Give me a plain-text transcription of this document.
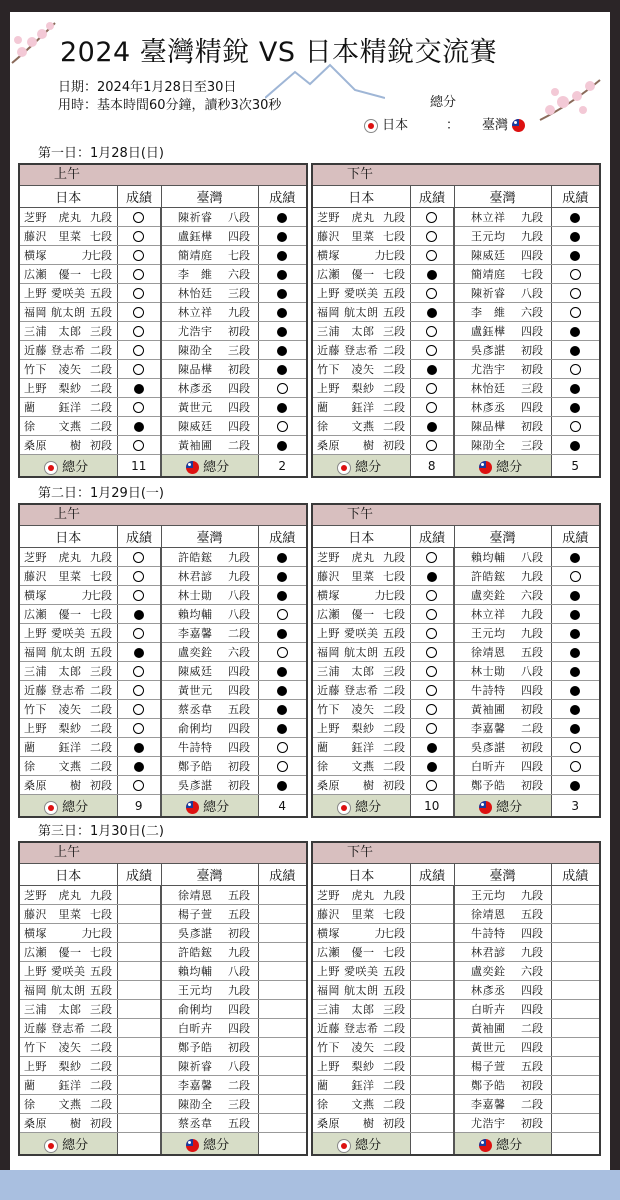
2024 臺灣精銳 VS 日本精銳交流賽
日期：2024年1月28日至30日
用時：基本時間60分鐘，讀秒3次30秒	總分
日本	： 臺灣
第一日：1月28日(日)
上午
日本	成績	臺灣	成績
芝野　虎丸 九段		陳祈睿 八段	
藤沢　里菜 七段		盧鈺樺 四段	
横塚　　　力七段		簡靖庭 七段	
広瀬　優一 七段		李　維 六段	
上野 愛咲美 五段		林怡廷 三段	
福岡 航太朗 五段		林立祥 九段	
三浦　太郎 三段		尤浩宇 初段	
近藤 登志希 二段		陳劭全 三段	
竹下　凌矢 二段		陳品樺 初段	
上野　梨紗 二段		林彥丞 四段	
藺　　鈺洋 二段		黃世元 四段	
徐　　文燕 二段		陳威廷 四段	
桑原　　樹 初段		黃袖圃 二段	
總分	11	總分	2
下午
日本	成績	臺灣	成績
芝野　虎丸 九段		林立祥 九段	
藤沢　里菜 七段		王元均 九段	
横塚　　　力七段		陳威廷 四段	
広瀬　優一 七段		簡靖庭 七段	
上野 愛咲美 五段		陳祈睿 八段	
福岡 航太朗 五段		李　維 六段	
三浦　太郎 三段		盧鈺樺 四段	
近藤 登志希 二段		吳彥諶 初段	
竹下　凌矢 二段		尤浩宇 初段	
上野　梨紗 二段		林怡廷 三段	
藺　　鈺洋 二段		林彥丞 四段	
徐　　文燕 二段		陳品樺 初段	
桑原　　樹 初段		陳劭全 三段	
總分	8	總分	5
第二日：1月29日(一)
上午
日本	成績	臺灣	成績
芝野　虎丸 九段		許皓鋐 九段	
藤沢　里菜 七段		林君諺 九段	
横塚　　　力七段		林士勛 八段	
広瀬　優一 七段		賴均輔 八段	
上野 愛咲美 五段		李嘉馨 二段	
福岡 航太朗 五段		盧奕銓 六段	
三浦　太郎 三段		陳威廷 四段	
近藤 登志希 二段		黃世元 四段	
竹下　凌矢 二段		蔡丞韋 五段	
上野　梨紗 二段		俞俐均 四段	
藺　　鈺洋 二段		牛詩特 四段	
徐　　文燕 二段		鄭予皓 初段	
桑原　　樹 初段		吳彥諶 初段	
總分	9	總分	4
下午
日本	成績	臺灣	成績
芝野　虎丸 九段		賴均輔 八段	
藤沢　里菜 七段		許皓鋐 九段	
横塚　　　力七段		盧奕銓 六段	
広瀬　優一 七段		林立祥 九段	
上野 愛咲美 五段		王元均 九段	
福岡 航太朗 五段		徐靖恩 五段	
三浦　太郎 三段		林士勛 八段	
近藤 登志希 二段		牛詩特 四段	
竹下　凌矢 二段		黃袖圃 初段	
上野　梨紗 二段		李嘉馨 二段	
藺　　鈺洋 二段		吳彥諶 初段	
徐　　文燕 二段		白昕卉 四段	
桑原　　樹 初段		鄭予皓 初段	
總分	10	總分	3
第三日：1月30日(二)
上午
日本	成績	臺灣	成績
芝野　虎丸 九段		徐靖恩 五段	
藤沢　里菜 七段		楊子萱 五段	
横塚　　　力七段		吳彥諶 初段	
広瀬　優一 七段		許皓鋐 九段	
上野 愛咲美 五段		賴均輔 八段	
福岡 航太朗 五段		王元均 九段	
三浦　太郎 三段		俞俐均 四段	
近藤 登志希 二段		白昕卉 四段	
竹下　凌矢 二段		鄭予皓 初段	
上野　梨紗 二段		陳祈睿 八段	
藺　　鈺洋 二段		李嘉馨 二段	
徐　　文燕 二段		陳劭全 三段	
桑原　　樹 初段		蔡丞韋 五段	
總分		總分	
下午
日本	成績	臺灣	成績
芝野　虎丸 九段		王元均 九段	
藤沢　里菜 七段		徐靖恩 五段	
横塚　　　力七段		牛詩特 四段	
広瀬　優一 七段		林君諺 九段	
上野 愛咲美 五段		盧奕銓 六段	
福岡 航太朗 五段		林彥丞 四段	
三浦　太郎 三段		白昕卉 四段	
近藤 登志希 二段		黃袖圃 二段	
竹下　凌矢 二段		黃世元 四段	
上野　梨紗 二段		楊子萱 五段	
藺　　鈺洋 二段		鄭予皓 初段	
徐　　文燕 二段		李嘉馨 二段	
桑原　　樹 初段		尤浩宇 初段	
總分		總分	
